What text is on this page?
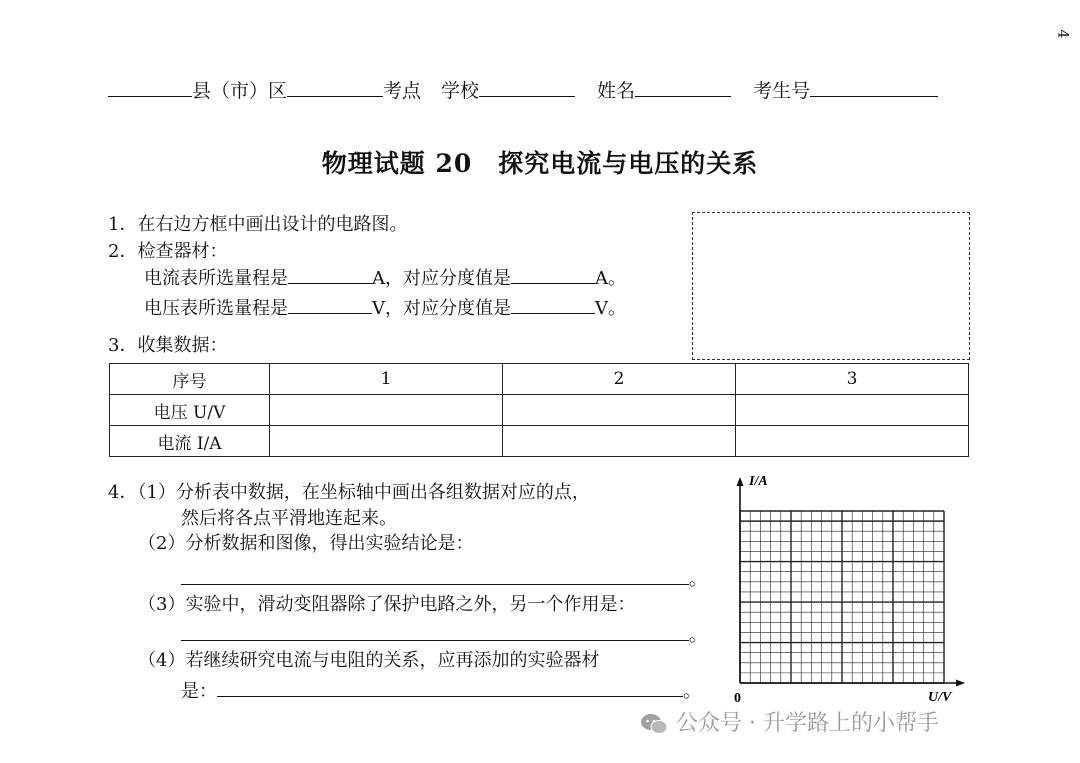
4
县（市）区	考点 学校	姓名	考生号
物理试题 20　探究电流与电压的关系
1．在右边方框中画出设计的电路图。
2．检查器材：
电流表所选量程是	A，对应分度值是	A。
电压表所选量程是	V，对应分度值是	V。
3．收集数据：
序号	1	2	3
电压 U/V			
电流 I/A			
4．（1）分析表中数据，在坐标轴中画出各组数据对应的点，
然后将各点平滑地连起来。
（2）分析数据和图像，得出实验结论是：
。
（3）实验中，滑动变阻器除了保护电路之外，另一个作用是：
。
（4）若继续研究电流与电阻的关系，应再添加的实验器材
是：	。
I/A
U/V
0
公众号 · 升学路上的小帮手
